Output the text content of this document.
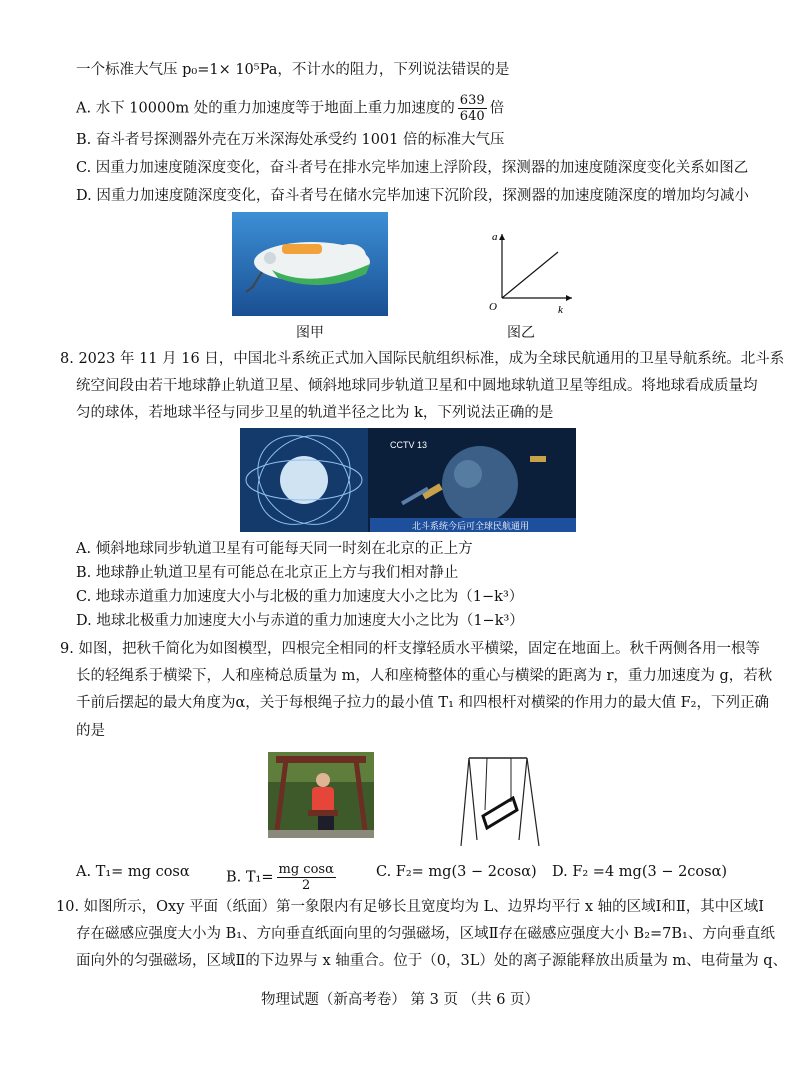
一个标准大气压 p₀=1× 10⁵Pa，不计水的阻力，下列说法错误的是
A. 水下 10000m 处的重力加速度等于地面上重力加速度的 $\frac{639}{640}$ 倍
B. 奋斗者号探测器外壳在万米深海处承受约 1001 倍的标准大气压
C. 因重力加速度随深度变化，奋斗者号在排水完毕加速上浮阶段，探测器的加速度随深度变化关系如图乙
D. 因重力加速度随深度变化，奋斗者号在储水完毕加速下沉阶段，探测器的加速度随深度的增加均匀减小
图甲
a
k
O
图乙
8. 2023 年 11 月 16 日，中国北斗系统正式加入国际民航组织标准，成为全球民航通用的卫星导航系统。北斗系
统空间段由若干地球静止轨道卫星、倾斜地球同步轨道卫星和中圆地球轨道卫星等组成。将地球看成质量均
匀的球体，若地球半径与同步卫星的轨道半径之比为 k，下列说法正确的是
CCTV 13
北斗系统今后可全球民航通用
A. 倾斜地球同步轨道卫星有可能每天同一时刻在北京的正上方
B. 地球静止轨道卫星有可能总在北京正上方与我们相对静止
C. 地球赤道重力加速度大小与北极的重力加速度大小之比为（1−k³）
D. 地球北极重力加速度大小与赤道的重力加速度大小之比为（1−k³）
9. 如图，把秋千简化为如图模型，四根完全相同的杆支撑轻质水平横梁，固定在地面上。秋千两侧各用一根等
长的轻绳系于横梁下，人和座椅总质量为 m，人和座椅整体的重心与横梁的距离为 r，重力加速度为 g，若秋
千前后摆起的最大角度为α，关于每根绳子拉力的最小值 T₁ 和四根杆对横梁的作用力的最大值 F₂，下列正确
的是
A. T₁= mg cosα	B. $T_1= \frac{\text{mg cosα}}{2}$	C. F₂= mg(3 − 2cosα) D. F₂ =4 mg(3 − 2cosα)
10. 如图所示，Oxy 平面（纸面）第一象限内有足够长且宽度均为 L、边界均平行 x 轴的区域Ⅰ和Ⅱ，其中区域Ⅰ
存在磁感应强度大小为 B₁、方向垂直纸面向里的匀强磁场，区域Ⅱ存在磁感应强度大小 B₂=7B₁、方向垂直纸
面向外的匀强磁场，区域Ⅱ的下边界与 x 轴重合。位于（0，3L）处的离子源能释放出质量为 m、电荷量为 q、
物理试题（新高考卷） 第 3 页 （共 6 页）
